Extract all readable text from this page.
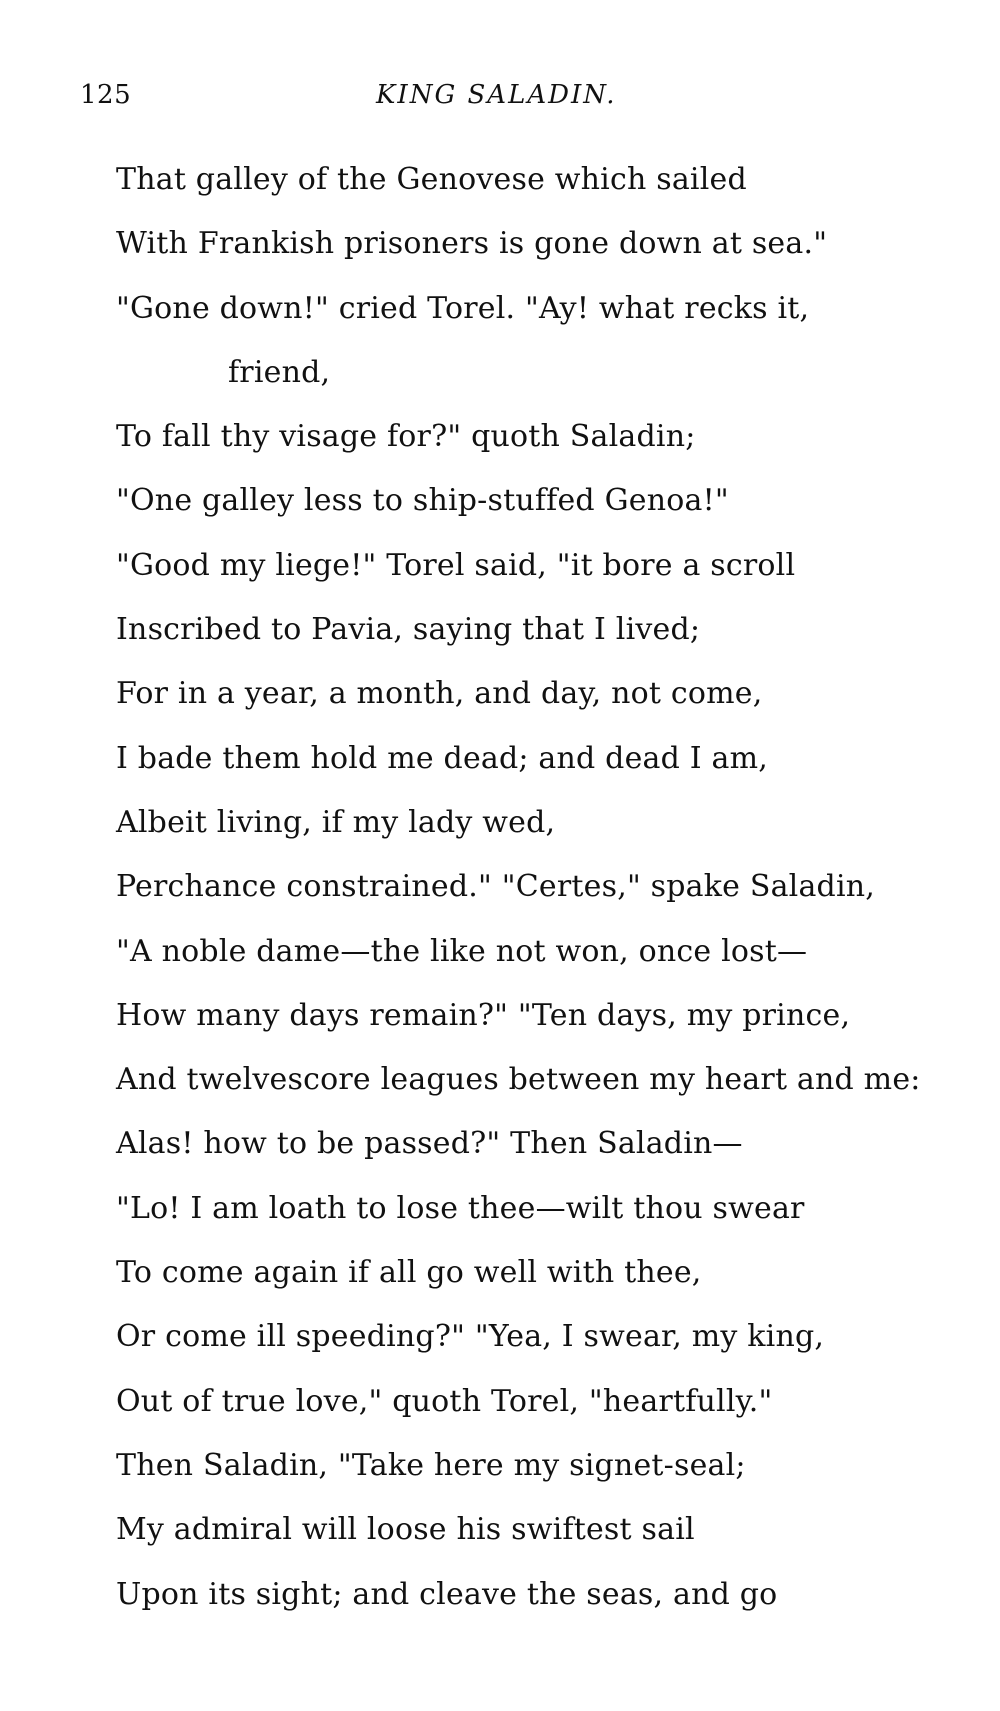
125	KING SALADIN.
That galley of the Genovese which sailed
With Frankish prisoners is gone down at sea."
"Gone down!" cried Torel. "Ay! what recks it,
friend,
To fall thy visage for?" quoth Saladin;
"One galley less to ship-stuffed Genoa!"
"Good my liege!" Torel said, "it bore a scroll
Inscribed to Pavia, saying that I lived;
For in a year, a month, and day, not come,
I bade them hold me dead; and dead I am,
Albeit living, if my lady wed,
Perchance constrained." "Certes," spake Saladin,
"A noble dame—the like not won, once lost—
How many days remain?" "Ten days, my prince,
And twelvescore leagues between my heart and me:
Alas! how to be passed?" Then Saladin—
"Lo! I am loath to lose thee—wilt thou swear
To come again if all go well with thee,
Or come ill speeding?" "Yea, I swear, my king,
Out of true love," quoth Torel, "heartfully."
Then Saladin, "Take here my signet-seal;
My admiral will loose his swiftest sail
Upon its sight; and cleave the seas, and go
